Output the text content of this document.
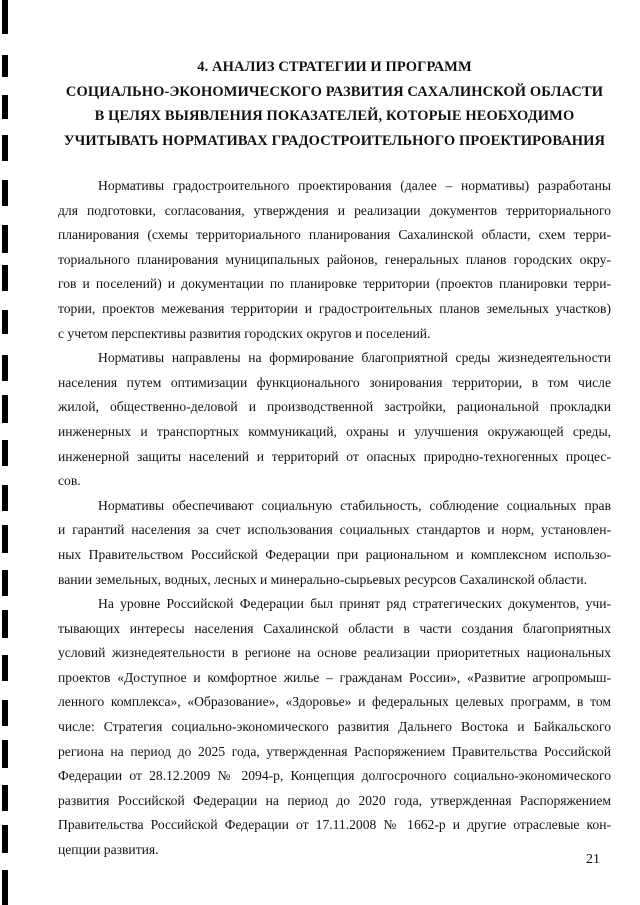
4. АНАЛИЗ СТРАТЕГИИ И ПРОГРАММ
СОЦИАЛЬНО-ЭКОНОМИЧЕСКОГО РАЗВИТИЯ САХАЛИНСКОЙ ОБЛАСТИ
В ЦЕЛЯХ ВЫЯВЛЕНИЯ ПОКАЗАТЕЛЕЙ, КОТОРЫЕ НЕОБХОДИМО
УЧИТЫВАТЬ НОРМАТИВАХ ГРАДОСТРОИТЕЛЬНОГО ПРОЕКТИРОВАНИЯ

Нормативы градостроительного проектирования (далее – нормативы) разработаны
для подготовки, согласования, утверждения и реализации документов территориального
планирования (схемы территориального планирования Сахалинской области, схем терри-
ториального планирования муниципальных районов, генеральных планов городских окру-
гов и поселений) и документации по планировке территории (проектов планировки терри-
тории, проектов межевания территории и градостроительных планов земельных участков)
с учетом перспективы развития городских округов и поселений.

Нормативы направлены на формирование благоприятной среды жизнедеятельности
населения путем оптимизации функционального зонирования территории, в том числе
жилой, общественно-деловой и производственной застройки, рациональной прокладки
инженерных и транспортных коммуникаций, охраны и улучшения окружающей среды,
инженерной защиты населений и территорий от опасных природно-техногенных процес-
сов.

Нормативы обеспечивают социальную стабильность, соблюдение социальных прав
и гарантий населения за счет использования социальных стандартов и норм, установлен-
ных Правительством Российской Федерации при рациональном и комплексном использо-
вании земельных, водных, лесных и минерально-сырьевых ресурсов Сахалинской области.

На уровне Российской Федерации был принят ряд стратегических документов, учи-
тывающих интересы населения Сахалинской области в части создания благоприятных
условий жизнедеятельности в регионе на основе реализации приоритетных национальных
проектов «Доступное и комфортное жилье – гражданам России», «Развитие агропромыш-
ленного комплекса», «Образование», «Здоровье» и федеральных целевых программ, в том
числе: Стратегия социально-экономического развития Дальнего Востока и Байкальского
региона на период до 2025 года, утвержденная Распоряжением Правительства Российской
Федерации от 28.12.2009 № 2094-р, Концепция долгосрочного социально-экономического
развития Российской Федерации на период до 2020 года, утвержденная Распоряжением
Правительства Российской Федерации от 17.11.2008 № 1662-р и другие отраслевые кон-
цепции развития.

21
